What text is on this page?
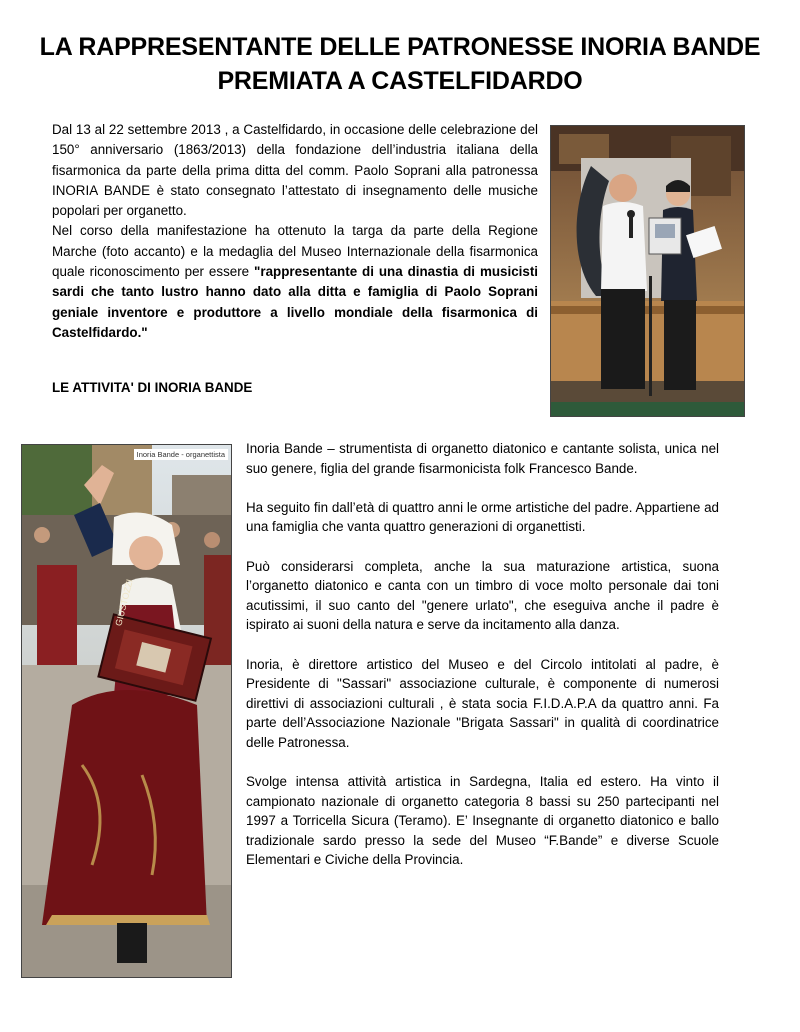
LA RAPPRESENTANTE DELLE PATRONESSE INORIA BANDE
PREMIATA A CASTELFIDARDO

Dal 13 al 22 settembre 2013 , a Castelfidardo, in occasione delle celebrazione del 150° anniversario (1863/2013) della fondazione dell’industria italiana della fisarmonica da parte della prima ditta del comm. Paolo Soprani alla patronessa INORIA BANDE è stato consegnato l’attestato di insegnamento delle musiche popolari per organetto.

Nel corso della manifestazione ha ottenuto la targa da parte della Regione Marche (foto accanto) e la medaglia del Museo Internazionale della fisarmonica quale riconoscimento per essere "rappresentante di una dinastia di musicisti sardi che tanto lustro hanno dato alla ditta e famiglia di Paolo Soprani geniale inventore e produttore a livello mondiale della fisarmonica di Castelfidardo."

LE ATTIVITA' DI INORIA BANDE
GIUSTOZZI
Inoria Bande - organettista Inoria Bande – strumentista di organetto diatonico e cantante solista, unica nel suo genere, figlia del grande fisarmonicista folk Francesco Bande.

Ha seguito fin dall’età di quattro anni le orme artistiche del padre. Appartiene ad una famiglia che vanta quattro generazioni di organettisti.

Può considerarsi completa, anche la sua maturazione artistica, suona l’organetto diatonico e canta con un timbro di voce molto personale dai toni acutissimi, il suo canto del "genere urlato", che eseguiva anche il padre è ispirato ai suoni della natura e serve da incitamento alla danza.

Inoria, è direttore artistico del Museo e del Circolo intitolati al padre, è Presidente di "Sassari" associazione culturale, è componente di numerosi direttivi di associazioni culturali , è stata socia F.I.D.A.P.A da quattro anni. Fa parte dell’Associazione Nazionale "Brigata Sassari" in qualità di coordinatrice delle Patronessa.

Svolge intensa attività artistica in Sardegna, Italia ed estero. Ha vinto il campionato nazionale di organetto categoria 8 bassi su 250 partecipanti nel 1997 a Torricella Sicura (Teramo). E’ Insegnante di organetto diatonico e ballo tradizionale sardo presso la sede del Museo “F.Bande” e diverse Scuole Elementari e Civiche della Provincia.
